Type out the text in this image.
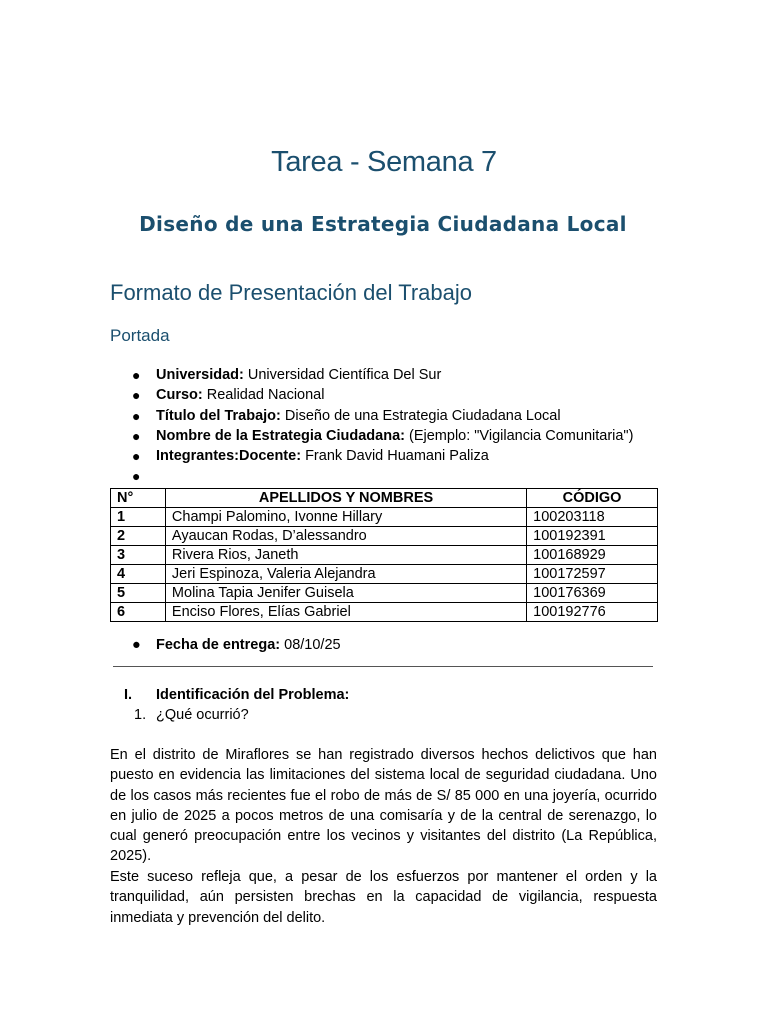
Tarea - Semana 7
Diseño de una Estrategia Ciudadana Local
Formato de Presentación del Trabajo
Portada
● Universidad: Universidad Científica Del Sur
● Curso: Realidad Nacional
● Título del Trabajo: Diseño de una Estrategia Ciudadana Local
● Nombre de la Estrategia Ciudadana: (Ejemplo: "Vigilancia Comunitaria")
● Integrantes:Docente: Frank David Huamani Paliza
●
N°	APELLIDOS Y NOMBRES	CÓDIGO
1	Champi Palomino, Ivonne Hillary	100203118
2	Ayaucan Rodas, D’alessandro	100192391
3	Rivera Rios, Janeth	100168929
4	Jeri Espinoza, Valeria Alejandra	100172597
5	Molina Tapia Jenifer Guisela	100176369
6	Enciso Flores, Elías Gabriel	100192776
● Fecha de entrega: 08/10/25
I. Identificación del Problema:
1. ¿Qué ocurrió?

En el distrito de Miraflores se han registrado diversos hechos delictivos que han puesto en evidencia las limitaciones del sistema local de seguridad ciudadana. Uno de los casos más recientes fue el robo de más de S/ 85 000 en una joyería, ocurrido en julio de 2025 a pocos metros de una comisaría y de la central de serenazgo, lo cual generó preocupación entre los vecinos y visitantes del distrito (La República, 2025).

Este suceso refleja que, a pesar de los esfuerzos por mantener el orden y la tranquilidad, aún persisten brechas en la capacidad de vigilancia, respuesta inmediata y prevención del delito.
